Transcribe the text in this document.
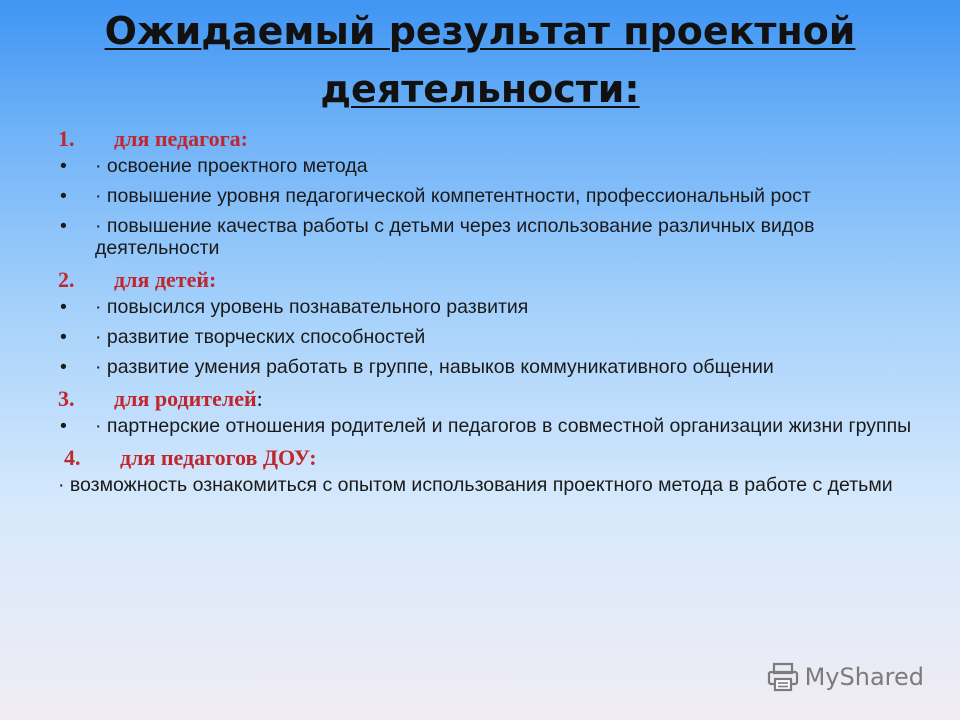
Ожидаемый результат проектной
деятельности:
1. для педагога:
• · освоение проектного метода
• · повышение уровня педагогической компетентности, профессиональный рост
• · повышение качества работы с детьми через использование различных видов деятельности
2. для детей:
• · повысился уровень познавательного развития
• · развитие творческих способностей
• · развитие умения работать в группе, навыков коммуникативного общении
3. для родителей:
• · партнерские отношения родителей и педагогов в совместной организации жизни группы
4. для педагогов ДОУ:
· возможность ознакомиться с опытом использования проектного метода в работе с детьми
MyShared
